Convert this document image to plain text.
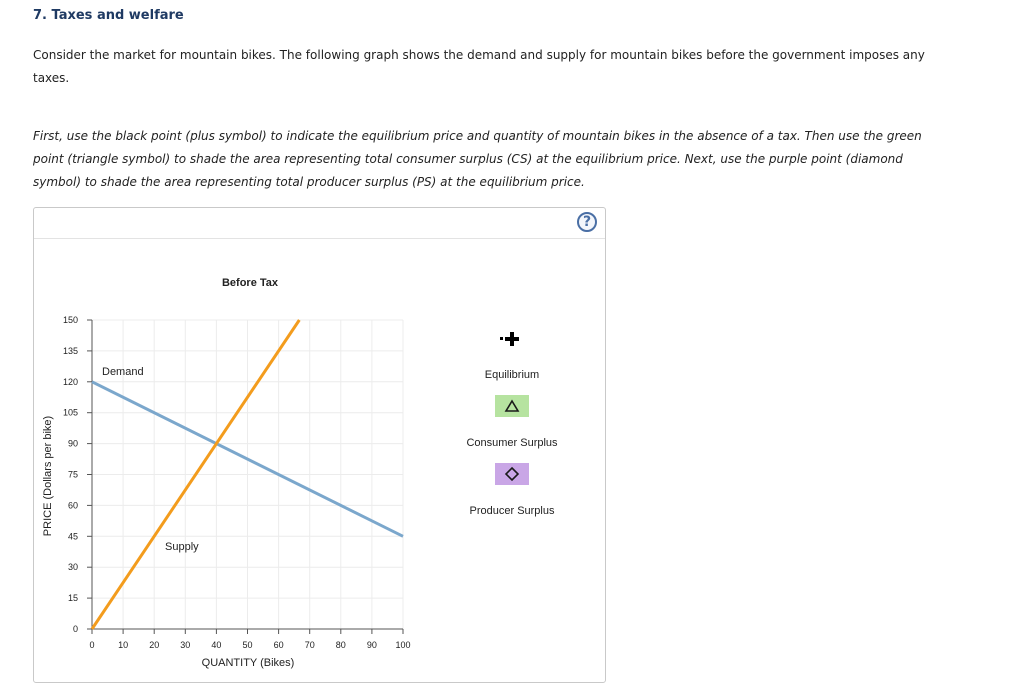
7. Taxes and welfare
Consider the market for mountain bikes. The following graph shows the demand and supply for mountain bikes before the government imposes any taxes.
First, use the black point (plus symbol) to indicate the equilibrium price and quantity of mountain bikes in the absence of a tax. Then use the green point (triangle symbol) to shade the area representing total consumer surplus (CS) at the equilibrium price. Next, use the purple point (diamond symbol) to shade the area representing total producer surplus (PS) at the equilibrium price.
?
0
15
30
45
60
75
90
105
120
135
150
0	10 20 30 40 50 60 70 80 90 100
Before Tax
QUANTITY (Bikes)
PRICE (Dollars per bike)
Demand
Supply
Equilibrium
Consumer Surplus
Producer Surplus
